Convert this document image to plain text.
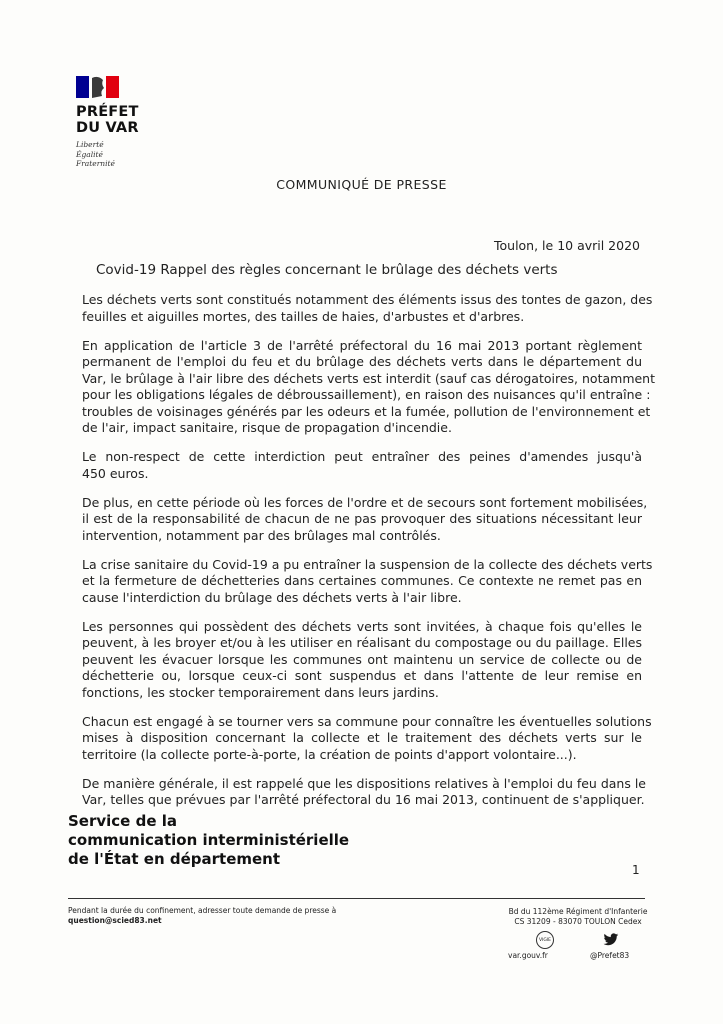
PRÉFET
DU VAR
Liberté
Égalité
Fraternité
COMMUNIQUÉ DE PRESSE
Toulon, le 10 avril 2020
Covid-19 Rappel des règles concernant le brûlage des déchets verts
Les déchets verts sont constitués notamment des éléments issus des tontes de gazon, des
feuilles et aiguilles mortes, des tailles de haies, d'arbustes et d'arbres.
En application de l'article 3 de l'arrêté préfectoral du 16 mai 2013 portant règlement
permanent de l'emploi du feu et du brûlage des déchets verts dans le département du
Var, le brûlage à l'air libre des déchets verts est interdit (sauf cas dérogatoires, notamment
pour les obligations légales de débroussaillement), en raison des nuisances qu'il entraîne :
troubles de voisinages générés par les odeurs et la fumée, pollution de l'environnement et
de l'air, impact sanitaire, risque de propagation d'incendie.
Le non-respect de cette interdiction peut entraîner des peines d'amendes jusqu'à
450 euros.
De plus, en cette période où les forces de l'ordre et de secours sont fortement mobilisées,
il est de la responsabilité de chacun de ne pas provoquer des situations nécessitant leur
intervention, notamment par des brûlages mal contrôlés.
La crise sanitaire du Covid-19 a pu entraîner la suspension de la collecte des déchets verts
et la fermeture de déchetteries dans certaines communes. Ce contexte ne remet pas en
cause l'interdiction du brûlage des déchets verts à l'air libre.
Les personnes qui possèdent des déchets verts sont invitées, à chaque fois qu'elles le
peuvent, à les broyer et/ou à les utiliser en réalisant du compostage ou du paillage. Elles
peuvent les évacuer lorsque les communes ont maintenu un service de collecte ou de
déchetterie ou, lorsque ceux-ci sont suspendus et dans l'attente de leur remise en
fonctions, les stocker temporairement dans leurs jardins.
Chacun est engagé à se tourner vers sa commune pour connaître les éventuelles solutions
mises à disposition concernant la collecte et le traitement des déchets verts sur le
territoire (la collecte porte-à-porte, la création de points d'apport volontaire...).
De manière générale, il est rappelé que les dispositions relatives à l'emploi du feu dans le
Var, telles que prévues par l'arrêté préfectoral du 16 mai 2013, continuent de s'appliquer.
Service de la
communication interministérielle
de l'État en département
1
Pendant la durée du confinement, adresser toute demande de presse à
question@scied83.net
Bd du 112ème Régiment d'Infanterie
CS 31209 - 83070 TOULON Cedex
VIGIE
var.gouv.fr	@Prefet83
